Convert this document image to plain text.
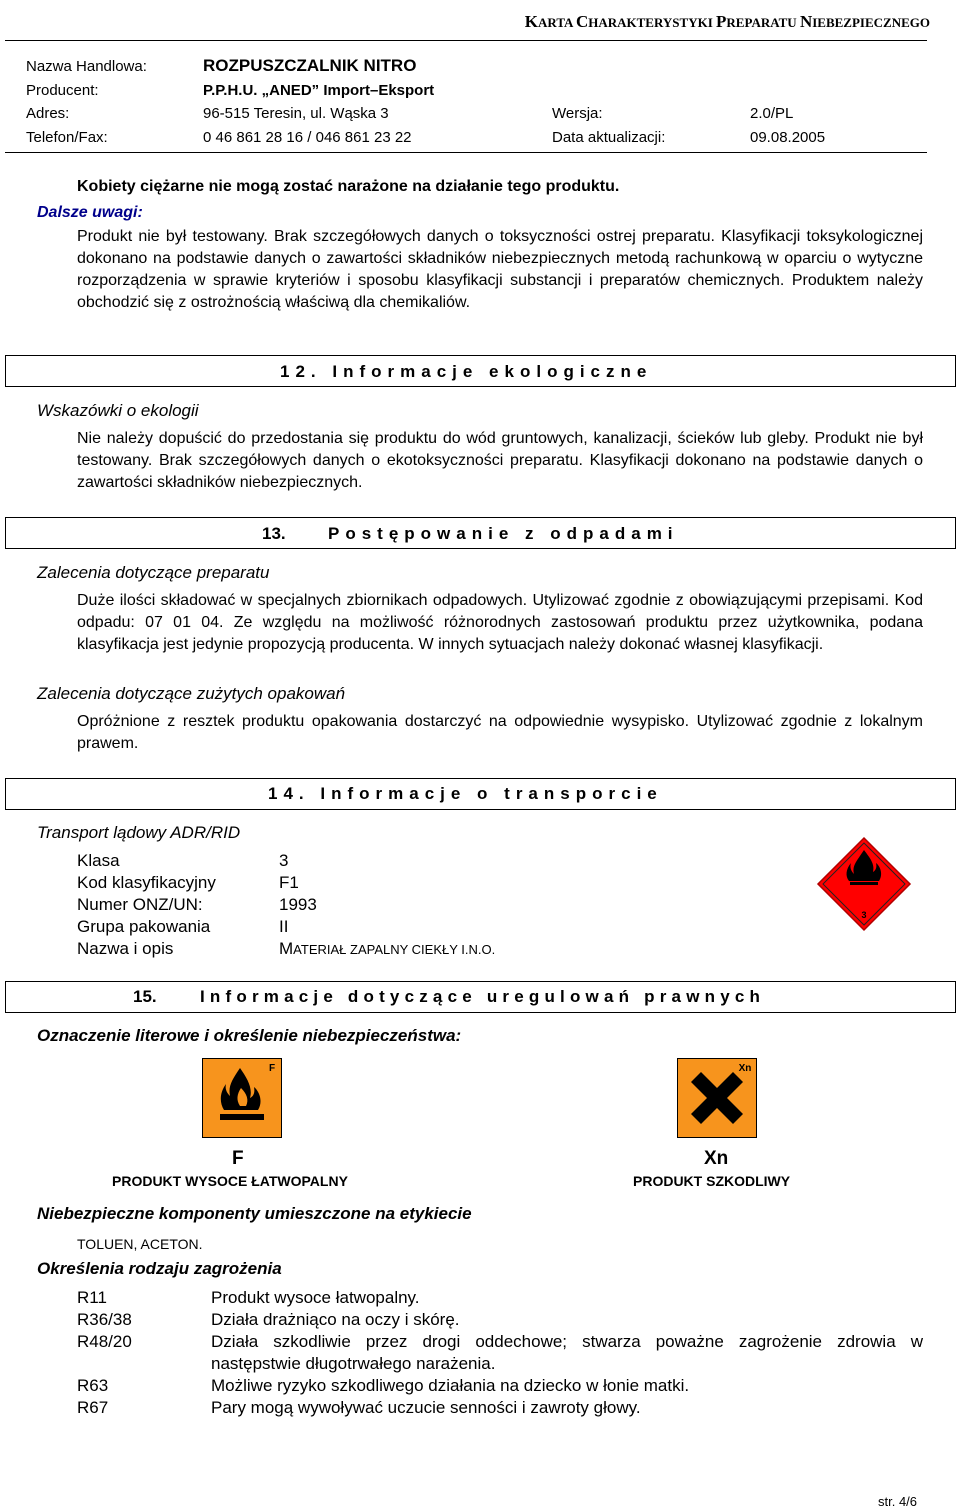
KARTA CHARAKTERYSTYKI PREPARATU NIEBEZPIECZNEGO
Nazwa Handlowa:	ROZPUSZCZALNIK NITRO
Producent:	P.P.H.U. „ANED” Import–Eksport
Adres:	96-515 Teresin, ul. Wąska 3	Wersja:	2.0/PL
Telefon/Fax:	0 46 861 28 16 / 046 861 23 22	Data aktualizacji:	09.08.2005
Kobiety ciężarne nie mogą zostać narażone na działanie tego produktu.
Dalsze uwagi:
Produkt nie był testowany. Brak szczegółowych danych o toksyczności ostrej preparatu. Klasyfikacji toksykologicznej dokonano na podstawie danych o zawartości składników niebezpiecznych metodą rachunkową w oparciu o wytyczne rozporządzenia w sprawie kryteriów i sposobu klasyfikacji substancji i preparatów chemicznych. Produktem należy obchodzić się z ostrożnością właściwą dla chemikaliów.
12. Informacje ekologiczne
Wskazówki o ekologii
Nie należy dopuścić do przedostania się produktu do wód gruntowych, kanalizacji, ścieków lub gleby. Produkt nie był testowany. Brak szczegółowych danych o ekotoksyczności preparatu. Klasyfikacji dokonano na podstawie danych o zawartości składników niebezpiecznych.
13. Postępowanie z odpadami
Zalecenia dotyczące preparatu
Duże ilości składować w specjalnych zbiornikach odpadowych. Utylizować zgodnie z obowiązującymi przepisami. Kod odpadu: 07 01 04. Ze względu na możliwość różnorodnych zastosowań produktu przez użytkownika, podana klasyfikacja jest jedynie propozycją producenta. W innych sytuacjach należy dokonać własnej klasyfikacji.
Zalecenia dotyczące zużytych opakowań
Opróżnione z resztek produktu opakowania dostarczyć na odpowiednie wysypisko. Utylizować zgodnie z lokalnym prawem.
14. Informacje o transporcie
Transport lądowy ADR/RID
Klasa	3
Kod klasyfikacyjny	F1
Numer ONZ/UN:	1993
Grupa pakowania	II
Nazwa i opis	MATERIAŁ ZAPALNY CIEKŁY I.N.O.
3
15.	Informacje dotyczące uregulowań prawnych
Oznaczenie literowe i określenie niebezpieczeństwa:
F
F
PRODUKT WYSOCE ŁATWOPALNY
Xn
Xn
PRODUKT SZKODLIWY
Niebezpieczne komponenty umieszczone na etykiecie
TOLUEN, ACETON.
Określenia rodzaju zagrożenia
R11	Produkt wysoce łatwopalny.
R36/38	Działa drażniąco na oczy i skórę.
R48/20	Działa szkodliwie przez drogi oddechowe; stwarza poważne zagrożenie zdrowia w następstwie długotrwałego narażenia.
R63	Możliwe ryzyko szkodliwego działania na dziecko w łonie matki.
R67	Pary mogą wywoływać uczucie senności i zawroty głowy.
str. 4/6
